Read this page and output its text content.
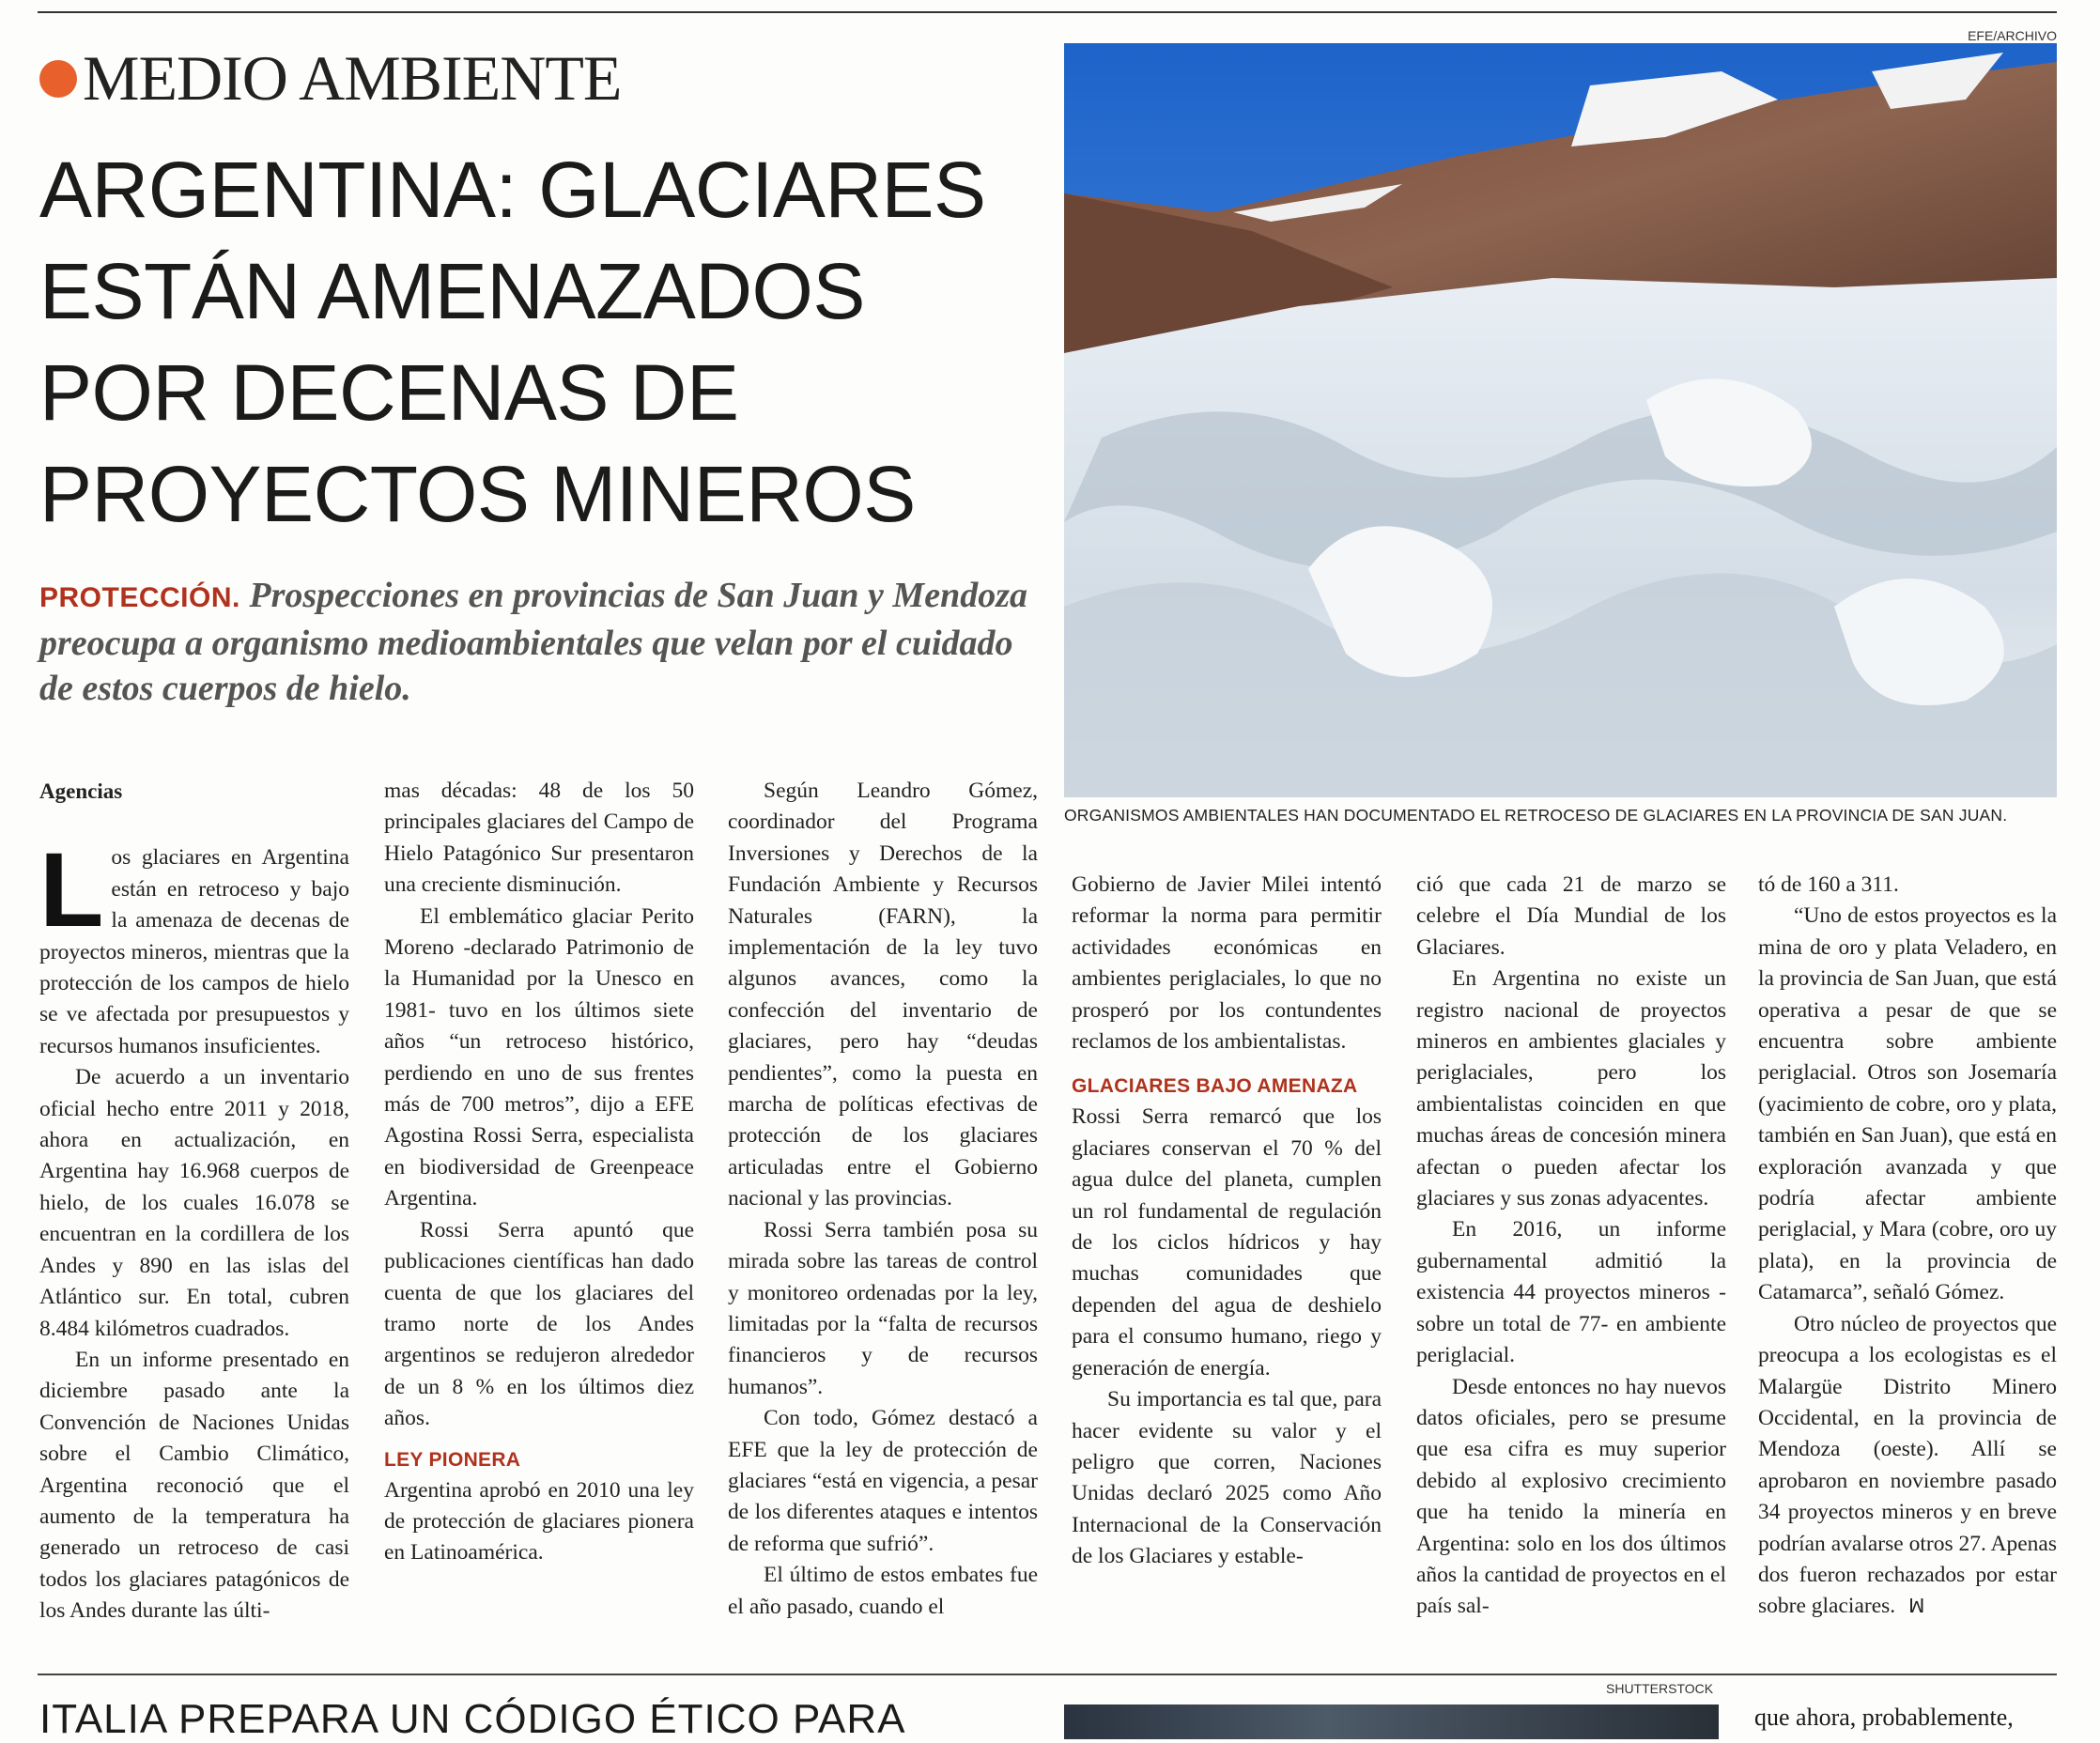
MEDIO AMBIENTE
ARGENTINA: GLACIARES
ESTÁN AMENAZADOS
POR DECENAS DE
PROYECTOS MINEROS
PROTECCIÓN. Prospecciones en provincias de San Juan y Mendoza preocupa a organismo medioambientales que velan por el cuidado de estos cuerpos de hielo.
EFE/ARCHIVO
ORGANISMOS AMBIENTALES HAN DOCUMENTADO EL RETROCESO DE GLACIARES EN LA PROVINCIA DE SAN JUAN.
Agencias

Los glaciares en Argentina están en retroceso y bajo la amenaza de decenas de proyectos mineros, mientras que la protección de los campos de hielo se ve afectada por presupuestos y recursos humanos insuficientes.

De acuerdo a un inventario oficial hecho entre 2011 y 2018, ahora en actualización, en Argentina hay 16.968 cuerpos de hielo, de los cuales 16.078 se encuentran en la cordillera de los Andes y 890 en las islas del Atlántico sur. En total, cubren 8.484 kilómetros cuadrados.

En un informe presentado en diciembre pasado ante la Convención de Naciones Unidas sobre el Cambio Climático, Argentina reconoció que el aumento de la temperatura ha generado un retroceso de casi todos los glaciares patagónicos de los Andes durante las últi-

mas décadas: 48 de los 50 principales glaciares del Campo de Hielo Patagónico Sur presentaron una creciente disminución.

El emblemático glaciar Perito Moreno -declarado Patrimonio de la Humanidad por la Unesco en 1981- tuvo en los últimos siete años “un retroceso histórico, perdiendo en uno de sus frentes más de 700 metros”, dijo a EFE Agostina Rossi Serra, especialista en biodiversidad de Greenpeace Argentina.

Rossi Serra apuntó que publicaciones científicas han dado cuenta de que los glaciares del tramo norte de los Andes argentinos se redujeron alrededor de un 8 % en los últimos diez años.

LEY PIONERA

Argentina aprobó en 2010 una ley de protección de glaciares pionera en Latinoamérica.

Según Leandro Gómez, coordinador del Programa Inversiones y Derechos de la Fundación Ambiente y Recursos Naturales (FARN), la implementación de la ley tuvo algunos avances, como la confección del inventario de glaciares, pero hay “deudas pendientes”, como la puesta en marcha de políticas efectivas de protección de los glaciares articuladas entre el Gobierno nacional y las provincias.

Rossi Serra también posa su mirada sobre las tareas de control y monitoreo ordenadas por la ley, limitadas por la “falta de recursos financieros y de recursos humanos”.

Con todo, Gómez destacó a EFE que la ley de protección de glaciares “está en vigencia, a pesar de los diferentes ataques e intentos de reforma que sufrió”.

El último de estos embates fue el año pasado, cuando el

Gobierno de Javier Milei intentó reformar la norma para permitir actividades económicas en ambientes periglaciales, lo que no prosperó por los contundentes reclamos de los ambientalistas.

GLACIARES BAJO AMENAZA

Rossi Serra remarcó que los glaciares conservan el 70 % del agua dulce del planeta, cumplen un rol fundamental de regulación de los ciclos hídricos y hay muchas comunidades que dependen del agua de deshielo para el consumo humano, riego y generación de energía.

Su importancia es tal que, para hacer evidente su valor y el peligro que corren, Naciones Unidas declaró 2025 como Año Internacional de la Conservación de los Glaciares y estable-

ció que cada 21 de marzo se celebre el Día Mundial de los Glaciares.

En Argentina no existe un registro nacional de proyectos mineros en ambientes glaciales y periglaciales, pero los ambientalistas coinciden en que muchas áreas de concesión minera afectan o pueden afectar los glaciares y sus zonas adyacentes.

En 2016, un informe gubernamental admitió la existencia 44 proyectos mineros -sobre un total de 77- en ambiente periglacial.

Desde entonces no hay nuevos datos oficiales, pero se presume que esa cifra es muy superior debido al explosivo crecimiento que ha tenido la minería en Argentina: solo en los dos últimos años la cantidad de proyectos en el país sal-

tó de 160 a 311.

“Uno de estos proyectos es la mina de oro y plata Veladero, en la provincia de San Juan, que está operativa a pesar de que se encuentra sobre ambiente periglacial. Otros son Josemaría (yacimiento de cobre, oro y plata, también en San Juan), que está en exploración avanzada y que podría afectar ambiente periglacial, y Mara (cobre, oro uy plata), en la provincia de Catamarca”, señaló Gómez.

Otro núcleo de proyectos que preocupa a los ecologistas es el Malargüe Distrito Minero Occidental, en la provincia de Mendoza (oeste). Allí se aprobaron en noviembre pasado 34 proyectos mineros y en breve podrían avalarse otros 27. Apenas dos fueron rechazados por estar sobre glaciares. ꟽ

ITALIA PREPARA UN CÓDIGO ÉTICO PARA
SHUTTERSTOCK
que ahora, probablemente,
